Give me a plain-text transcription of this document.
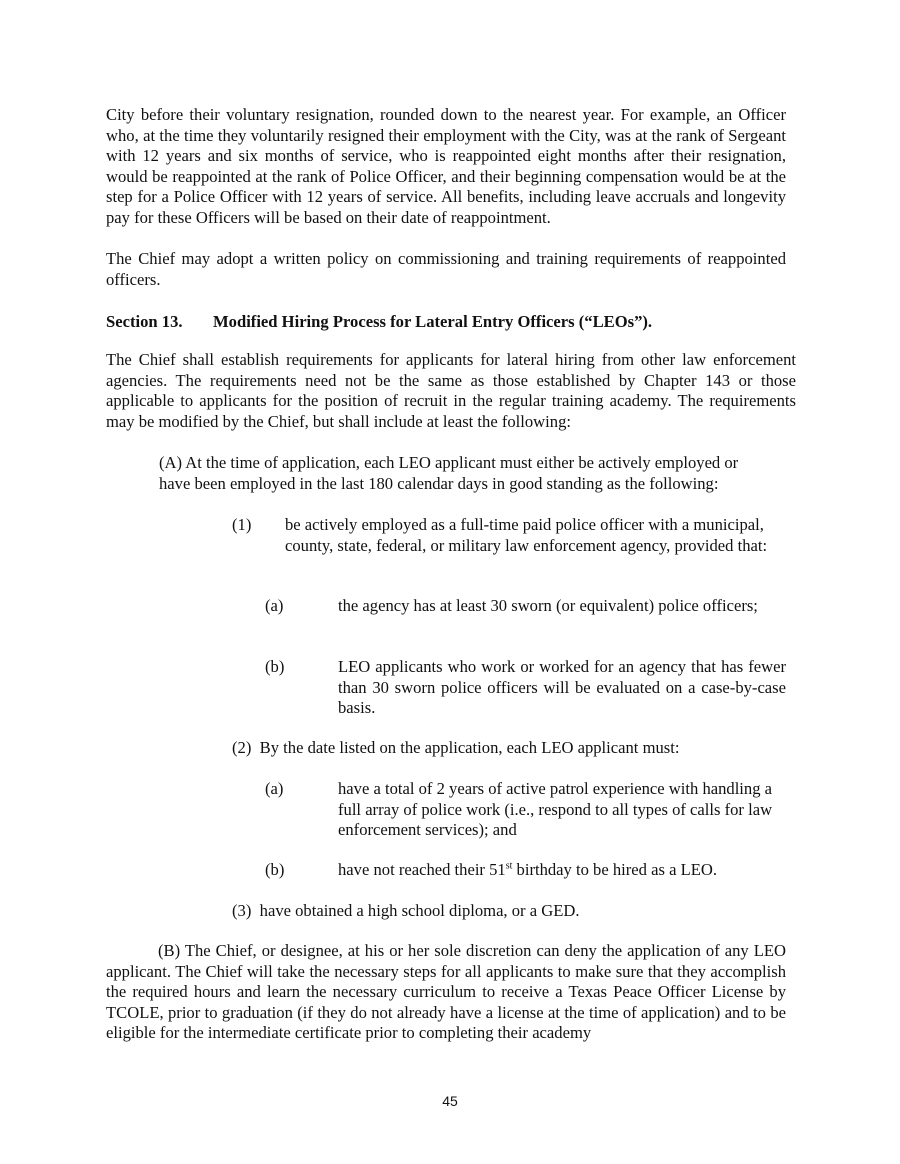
City before their voluntary resignation, rounded down to the nearest year. For example, an Officer who, at the time they voluntarily resigned their employment with the City, was at the rank of Sergeant with 12 years and six months of service, who is reappointed eight months after their resignation, would be reappointed at the rank of Police Officer, and their beginning compensation would be at the step for a Police Officer with 12 years of service. All benefits, including leave accruals and longevity pay for these Officers will be based on their date of reappointment.
The Chief may adopt a written policy on commissioning and training requirements of reappointed officers.
Section 13. Modified Hiring Process for Lateral Entry Officers (“LEOs”).
The Chief shall establish requirements for applicants for lateral hiring from other law enforcement agencies. The requirements need not be the same as those established by Chapter 143 or those applicable to applicants for the position of recruit in the regular training academy. The requirements may be modified by the Chief, but shall include at least the following:
(A) At the time of application, each LEO applicant must either be actively employed or have been employed in the last 180 calendar days in good standing as the following:
(1) be actively employed as a full-time paid police officer with a municipal, county, state, federal, or military law enforcement agency, provided that:
(a)	the agency has at least 30 sworn (or equivalent) police officers;
(b)	LEO applicants who work or worked for an agency that has fewer than 30 sworn police officers will be evaluated on a case-by-case basis.
(2) By the date listed on the application, each LEO applicant must:
(a)	have a total of 2 years of active patrol experience with handling a full array of police work (i.e., respond to all types of calls for law enforcement services); and
(b)	have not reached their 51st birthday to be hired as a LEO.
(3) have obtained a high school diploma, or a GED.
(B) The Chief, or designee, at his or her sole discretion can deny the application of any LEO applicant. The Chief will take the necessary steps for all applicants to make sure that they accomplish the required hours and learn the necessary curriculum to receive a Texas Peace Officer License by TCOLE, prior to graduation (if they do not already have a license at the time of application) and to be eligible for the intermediate certificate prior to completing their academy
45
